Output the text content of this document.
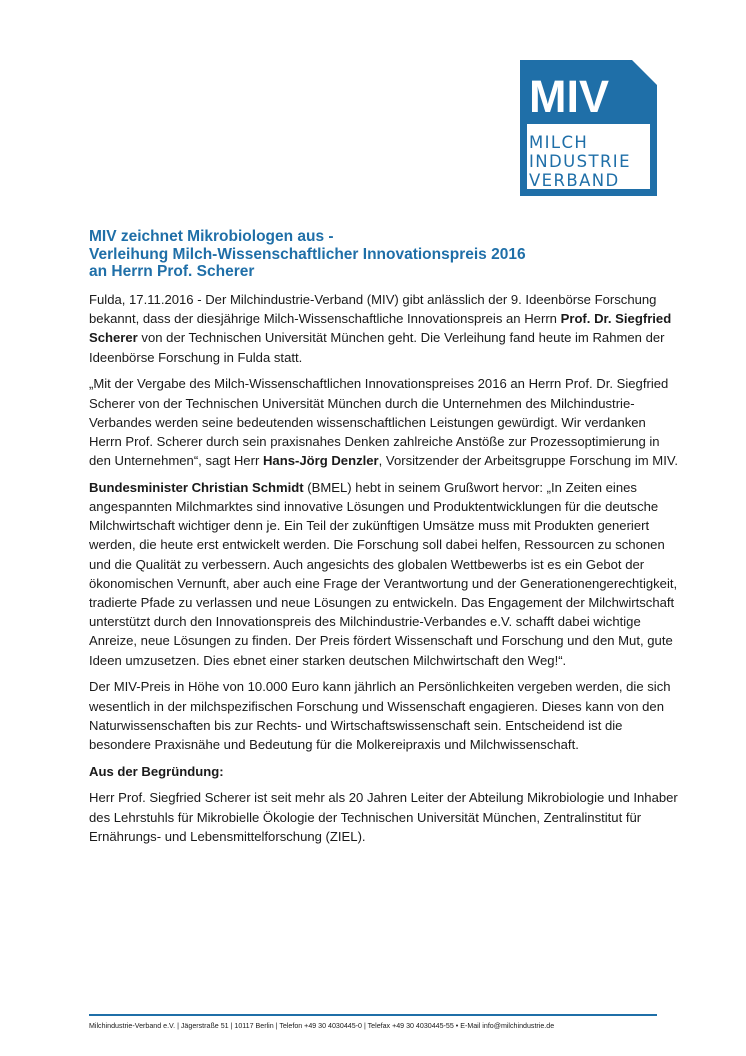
MIV
MILCH
INDUSTRIE
VERBAND
MIV zeichnet Mikrobiologen aus -
Verleihung Milch-Wissenschaftlicher Innovationspreis 2016
an Herrn Prof. Scherer

Fulda, 17.11.2016 - Der Milchindustrie-Verband (MIV) gibt anlässlich der 9. Ideenbörse Forschung bekannt, dass der diesjährige Milch-Wissenschaftliche Innovationspreis an Herrn Prof. Dr. Siegfried Scherer von der Technischen Universität München geht. Die Verleihung fand heute im Rahmen der Ideenbörse Forschung in Fulda statt.

„Mit der Vergabe des Milch-Wissenschaftlichen Innovationspreises 2016 an Herrn Prof. Dr. Siegfried Scherer von der Technischen Universität München durch die Unternehmen des Milchindustrie-Verbandes werden seine bedeutenden wissenschaftlichen Leistungen gewürdigt. Wir verdanken Herrn Prof. Scherer durch sein praxisnahes Denken zahlreiche Anstöße zur Prozessoptimierung in den Unternehmen“, sagt Herr Hans-Jörg Denzler, Vorsitzender der Arbeitsgruppe Forschung im MIV.

Bundesminister Christian Schmidt (BMEL) hebt in seinem Grußwort hervor: „In Zeiten eines angespannten Milchmarktes sind innovative Lösungen und Produktentwicklungen für die deutsche Milchwirtschaft wichtiger denn je. Ein Teil der zukünftigen Umsätze muss mit Produkten generiert werden, die heute erst entwickelt werden. Die Forschung soll dabei helfen, Ressourcen zu schonen und die Qualität zu verbessern. Auch angesichts des globalen Wettbewerbs ist es ein Gebot der ökonomischen Vernunft, aber auch eine Frage der Verantwortung und der Generationengerechtigkeit, tradierte Pfade zu verlassen und neue Lösungen zu entwickeln. Das Engagement der Milchwirtschaft unterstützt durch den Innovationspreis des Milchindustrie-Verbandes e.V. schafft dabei wichtige Anreize, neue Lösungen zu finden. Der Preis fördert Wissenschaft und Forschung und den Mut, gute Ideen umzusetzen. Dies ebnet einer starken deutschen Milchwirtschaft den Weg!“.

Der MIV-Preis in Höhe von 10.000 Euro kann jährlich an Persönlichkeiten vergeben werden, die sich wesentlich in der milchspezifischen Forschung und Wissenschaft engagieren. Dieses kann von den Naturwissenschaften bis zur Rechts- und Wirtschaftswissenschaft sein. Entscheidend ist die besondere Praxisnähe und Bedeutung für die Molkereipraxis und Milchwissenschaft.

Aus der Begründung:

Herr Prof. Siegfried Scherer ist seit mehr als 20 Jahren Leiter der Abteilung Mikrobiologie und Inhaber des Lehrstuhls für Mikrobielle Ökologie der Technischen Universität München, Zentralinstitut für Ernährungs- und Lebensmittelforschung (ZIEL).

Milchindustrie-Verband e.V. | Jägerstraße 51 | 10117 Berlin | Telefon +49 30 4030445-0 | Telefax +49 30 4030445-55 • E-Mail info@milchindustrie.de
